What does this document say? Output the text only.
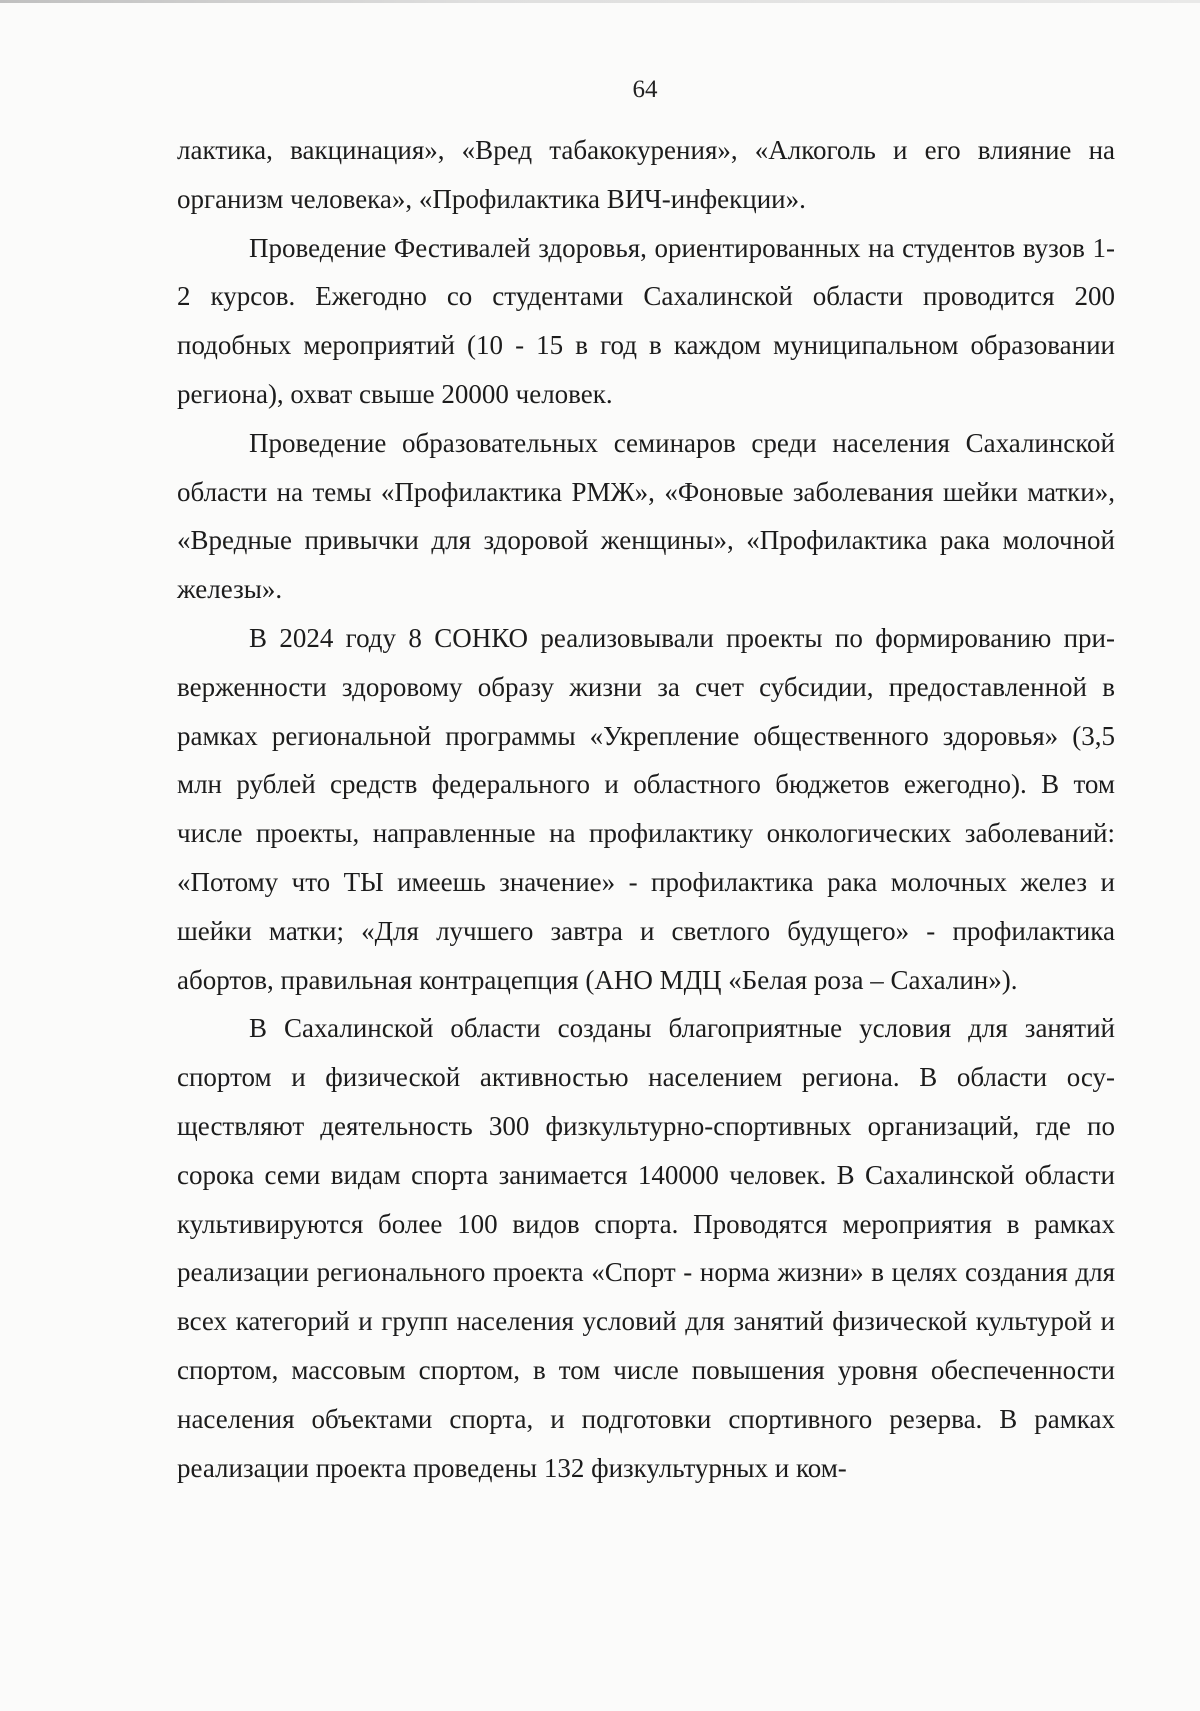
64

лактика, вакцинация», «Вред табакокурения», «Алкоголь и его влияние на организм человека», «Профилактика ВИЧ-инфекции».

Проведение Фестивалей здоровья, ориентированных на студентов вузов 1-2 курсов. Ежегодно со студентами Сахалинской области проводится 200 подобных мероприятий (10 - 15 в год в каждом муниципальном образовании региона), охват свыше 20000 человек.

Проведение образовательных семинаров среди населения Сахалинской области на темы «Профилактика РМЖ», «Фоновые заболевания шейки матки», «Вредные привычки для здоровой женщины», «Профилактика рака молочной железы».

В 2024 году 8 СОНКО реализовывали проекты по формированию приверженности здоровому образу жизни за счет субсидии, предоставленной в рамках региональной программы «Укрепление общественного здоровья» (3,5 млн рублей средств федерального и областного бюджетов ежегодно). В том числе проекты, направленные на профилактику онкологических заболеваний: «Потому что ТЫ имеешь значение» - профилактика рака молочных желез и шейки матки; «Для лучшего завтра и светлого будущего» - профилактика абортов, правильная контрацепция (АНО МДЦ «Белая роза – Сахалин»).

В Сахалинской области созданы благоприятные условия для занятий спортом и физической активностью населением региона. В области осуществляют деятельность 300 физкультурно-спортивных организаций, где по сорока семи видам спорта занимается 140000 человек. В Сахалинской области культивируются более 100 видов спорта. Проводятся мероприятия в рамках реализации регионального проекта «Спорт - норма жизни» в целях создания для всех категорий и групп населения условий для занятий физической культурой и спортом, массовым спортом, в том числе повышения уровня обеспеченности населения объектами спорта, и подготовки спортивного резерва. В рамках реализации проекта проведены 132 физкультурных и ком-
